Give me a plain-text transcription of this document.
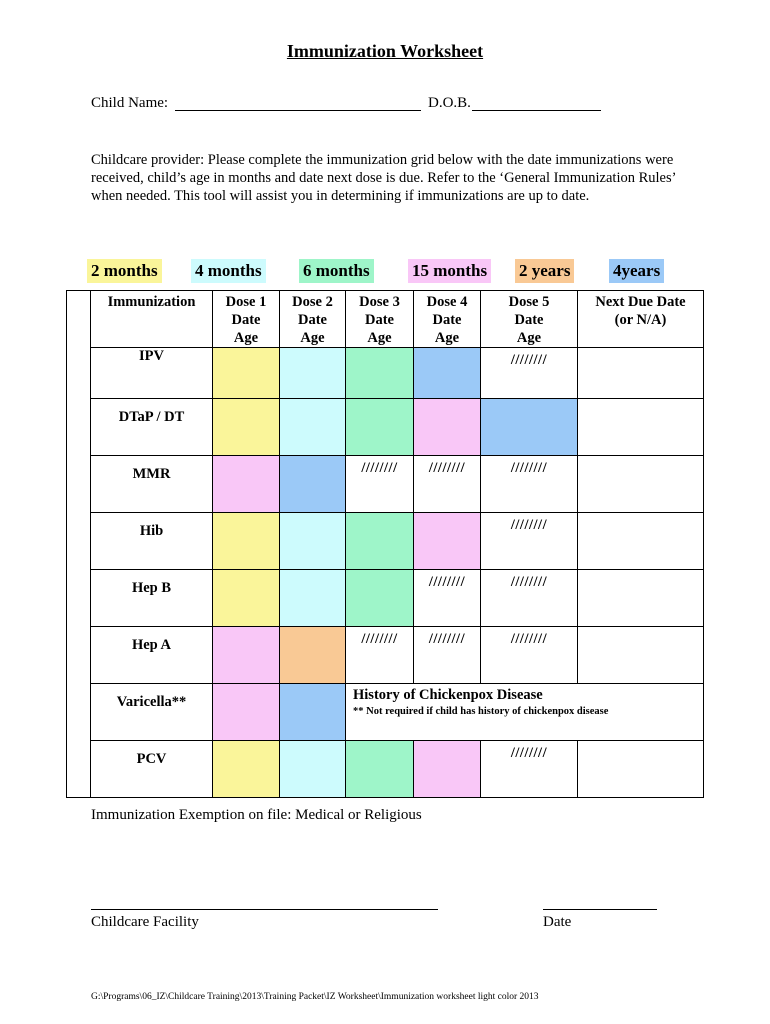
Immunization Worksheet
Child Name:	D.O.B.
Childcare provider: Please complete the immunization grid below with the date immunizations were received, child’s age in months and date next dose is due. Refer to the ‘General Immunization Rules’ when needed. This tool will assist you in determining if immunizations are up to date.
2 months 4 months 6 months 15 months 2 years	4years
	Immunization	Dose 1
Date
Age	Dose 2
Date
Age	Dose 3
Date
Age	Dose 4
Date
Age	Dose 5
Date
Age	Next Due Date
(or N/A)
	IPV					////////	
	DTaP / DT						
	MMR			////////	////////	////////	
	Hib					////////	
	Hep B				////////	////////	
	Hep A			////////	////////	////////	
	Varicella**			History of Chickenpox Disease
** Not required if child has history of chickenpox disease			

	PCV					////////	
Immunization Exemption on file: Medical or Religious
Childcare Facility	Date
G:\Programs\06_IZ\Childcare Training\2013\Training Packet\IZ Worksheet\Immunization worksheet light color 2013
